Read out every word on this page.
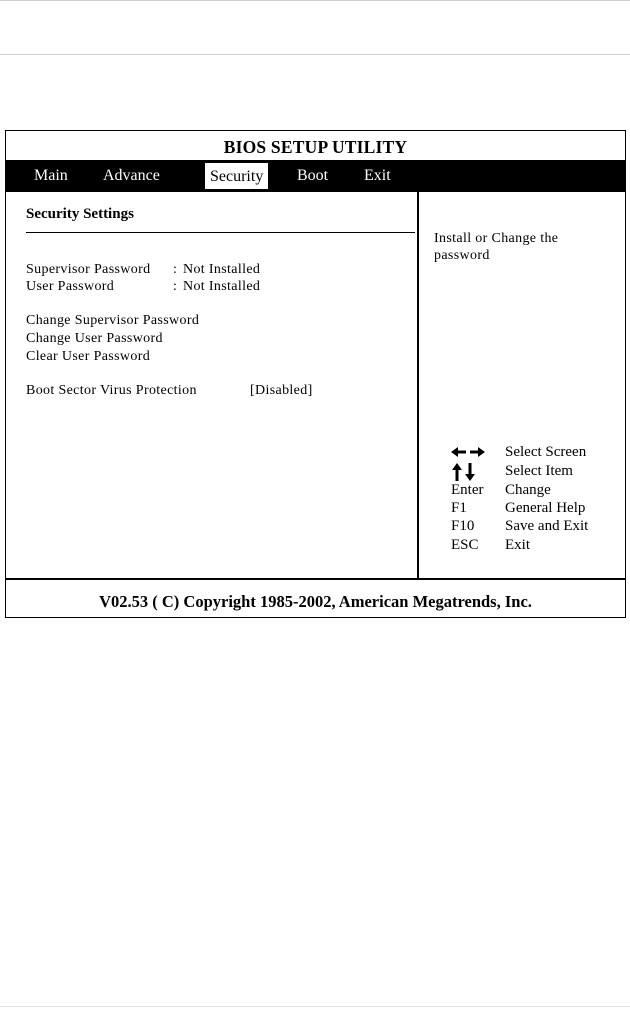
BIOS SETUP UTILITY
Main Advance	Security	Boot Exit
Security Settings
Supervisor Password : Not Installed
User Password	: Not Installed
Change Supervisor Password
Change User Password
Clear User Password
Boot Sector Virus Protection	[Disabled]
Install or Change the password
Select Screen
Select Item
Enter	Change
F1	General Help
F10	Save and Exit
ESC	Exit
V02.53 ( C) Copyright 1985-2002, American Megatrends, Inc.
